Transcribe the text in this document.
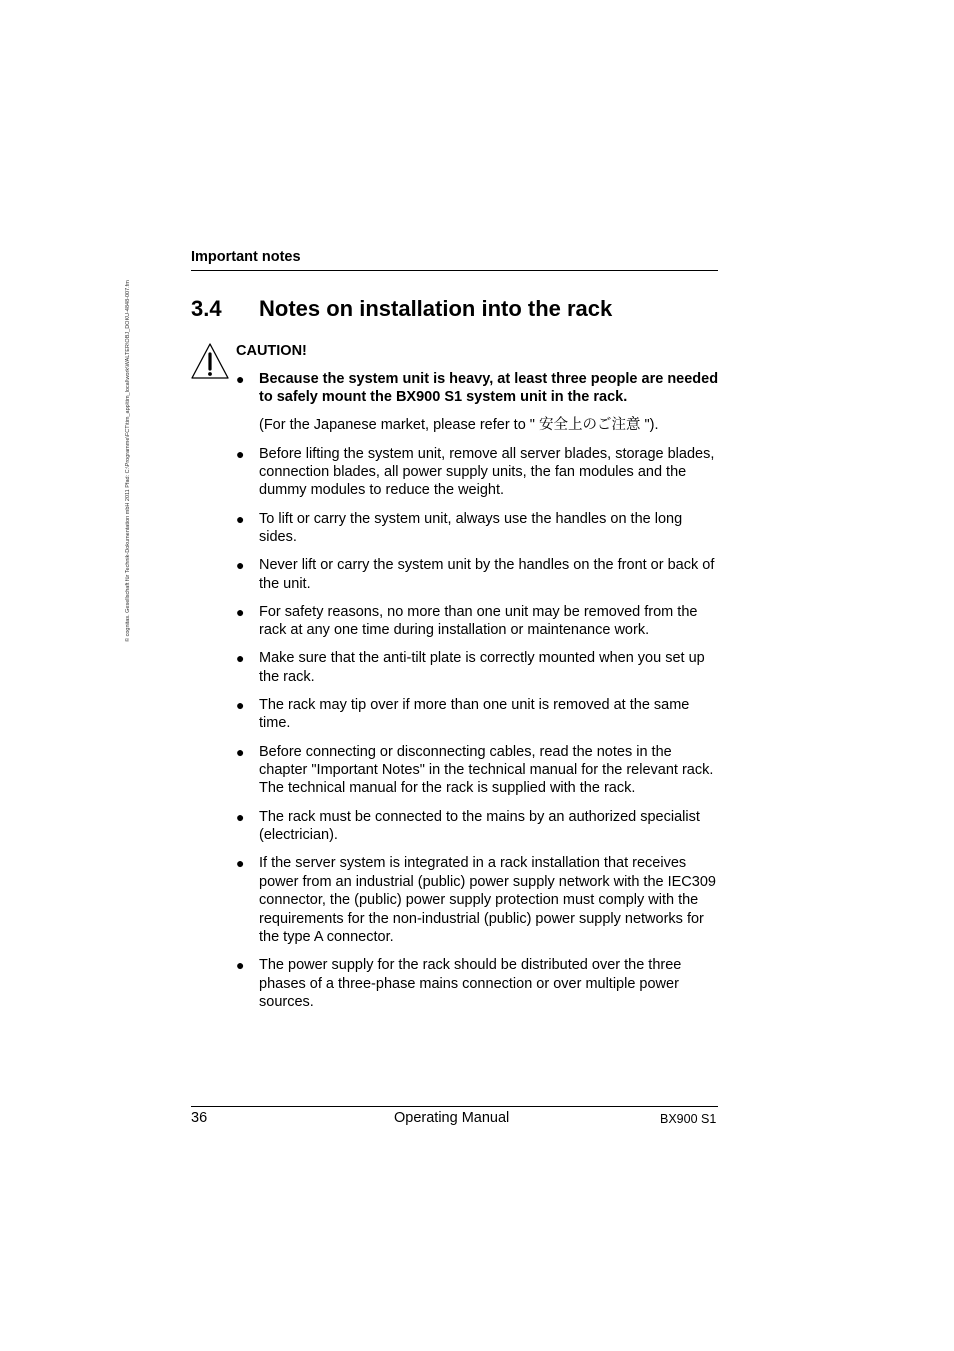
© cognitas. Gesellschaft für Technik-Dokumentation mbH 2011 Pfad: C:\Programme\FCT\tim_app\tim_local\work\WALTER\OBJ_DOKU-4848-007.fm
Important notes
3.4 Notes on installation into the rack
CAUTION!
● Because the system unit is heavy, at least three people are needed to safely mount the BX900 S1 system unit in the rack.
(For the Japanese market, please refer to " 安全上のご注意 ").
● Before lifting the system unit, remove all server blades, storage blades, connection blades, all power supply units, the fan modules and the dummy modules to reduce the weight.
● To lift or carry the system unit, always use the handles on the long sides.
● Never lift or carry the system unit by the handles on the front or back of the unit.
● For safety reasons, no more than one unit may be removed from the rack at any one time during installation or maintenance work.
● Make sure that the anti-tilt plate is correctly mounted when you set up the rack.
● The rack may tip over if more than one unit is removed at the same time.
● Before connecting or disconnecting cables, read the notes in the chapter "Important Notes" in the technical manual for the relevant rack. The technical manual for the rack is supplied with the rack.
● The rack must be connected to the mains by an authorized specialist (electrician).
● If the server system is integrated in a rack installation that receives power from an industrial (public) power supply network with the IEC309 connector, the (public) power supply protection must comply with the requirements for the non-industrial (public) power supply networks for the type A connector.
● The power supply for the rack should be distributed over the three phases of a three-phase mains connection or over multiple power sources.
36	Operating Manual	BX900 S1
